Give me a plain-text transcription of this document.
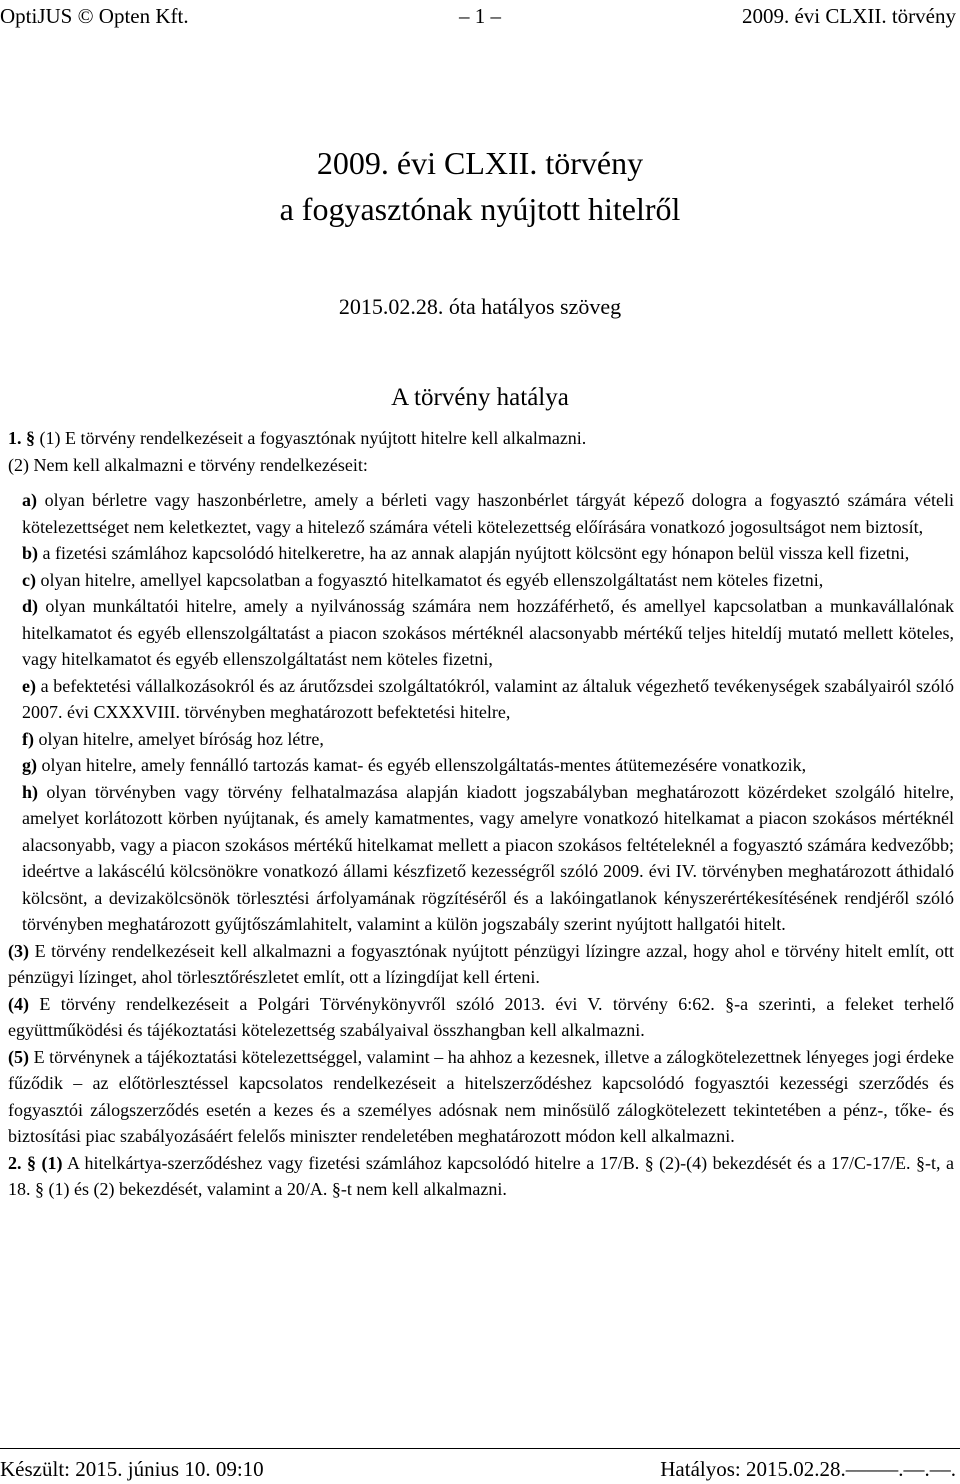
OptiJUS © Opten Kft.	– 1 –	2009. évi CLXII. törvény
2009. évi CLXII. törvény
a fogyasztónak nyújtott hitelről
2015.02.28. óta hatályos szöveg
A törvény hatálya

1. § (1) E törvény rendelkezéseit a fogyasztónak nyújtott hitelre kell alkalmazni.

(2) Nem kell alkalmazni e törvény rendelkezéseit:

a) olyan bérletre vagy haszonbérletre, amely a bérleti vagy haszonbérlet tárgyát képező dologra a fogyasztó számára vételi kötelezettséget nem keletkeztet, vagy a hitelező számára vételi kötelezettség előírására vonatkozó jogosultságot nem biztosít,

b) a fizetési számlához kapcsolódó hitelkeretre, ha az annak alapján nyújtott kölcsönt egy hónapon belül vissza kell fizetni,

c) olyan hitelre, amellyel kapcsolatban a fogyasztó hitelkamatot és egyéb ellenszolgáltatást nem köteles fizetni,

d) olyan munkáltatói hitelre, amely a nyilvánosság számára nem hozzáférhető, és amellyel kapcsolatban a munkavállalónak hitelkamatot és egyéb ellenszolgáltatást a piacon szokásos mértéknél alacsonyabb mértékű teljes hiteldíj mutató mellett köteles, vagy hitelkamatot és egyéb ellenszolgáltatást nem köteles fizetni,

e) a befektetési vállalkozásokról és az árutőzsdei szolgáltatókról, valamint az általuk végezhető tevékenységek szabályairól szóló 2007. évi CXXXVIII. törvényben meghatározott befektetési hitelre,

f) olyan hitelre, amelyet bíróság hoz létre,

g) olyan hitelre, amely fennálló tartozás kamat- és egyéb ellenszolgáltatás-mentes átütemezésére vonatkozik,

h) olyan törvényben vagy törvény felhatalmazása alapján kiadott jogszabályban meghatározott közérdeket szolgáló hitelre, amelyet korlátozott körben nyújtanak, és amely kamatmentes, vagy amelyre vonatkozó hitelkamat a piacon szokásos mértéknél alacsonyabb, vagy a piacon szokásos mértékű hitelkamat mellett a piacon szokásos feltételeknél a fogyasztó számára kedvezőbb; ideértve a lakáscélú kölcsönökre vonatkozó állami készfizető kezességről szóló 2009. évi IV. törvényben meghatározott áthidaló kölcsönt, a devizakölcsönök törlesztési árfolyamának rögzítéséről és a lakóingatlanok kényszerértékesítésének rendjéről szóló törvényben meghatározott gyűjtőszámlahitelt, valamint a külön jogszabály szerint nyújtott hallgatói hitelt.

(3) E törvény rendelkezéseit kell alkalmazni a fogyasztónak nyújtott pénzügyi lízingre azzal, hogy ahol e törvény hitelt említ, ott pénzügyi lízinget, ahol törlesztőrészletet említ, ott a lízingdíjat kell érteni.

(4) E törvény rendelkezéseit a Polgári Törvénykönyvről szóló 2013. évi V. törvény 6:62. §-a szerinti, a feleket terhelő együttműködési és tájékoztatási kötelezettség szabályaival összhangban kell alkalmazni.

(5) E törvénynek a tájékoztatási kötelezettséggel, valamint – ha ahhoz a kezesnek, illetve a zálogkötelezettnek lényeges jogi érdeke fűződik – az előtörlesztéssel kapcsolatos rendelkezéseit a hitelszerződéshez kapcsolódó fogyasztói kezességi szerződés és fogyasztói zálogszerződés esetén a kezes és a személyes adósnak nem minősülő zálogkötelezett tekintetében a pénz-, tőke- és biztosítási piac szabályozásáért felelős miniszter rendeletében meghatározott módon kell alkalmazni.

2. § (1) A hitelkártya-szerződéshez vagy fizetési számlához kapcsolódó hitelre a 17/B. § (2)-(4) bekezdését és a 17/C-17/E. §-t, a 18. § (1) és (2) bekezdését, valamint a 20/A. §-t nem kell alkalmazni.

Készült: 2015. június 10. 09:10	Hatályos: 2015.02.28.–––––.––.––.
